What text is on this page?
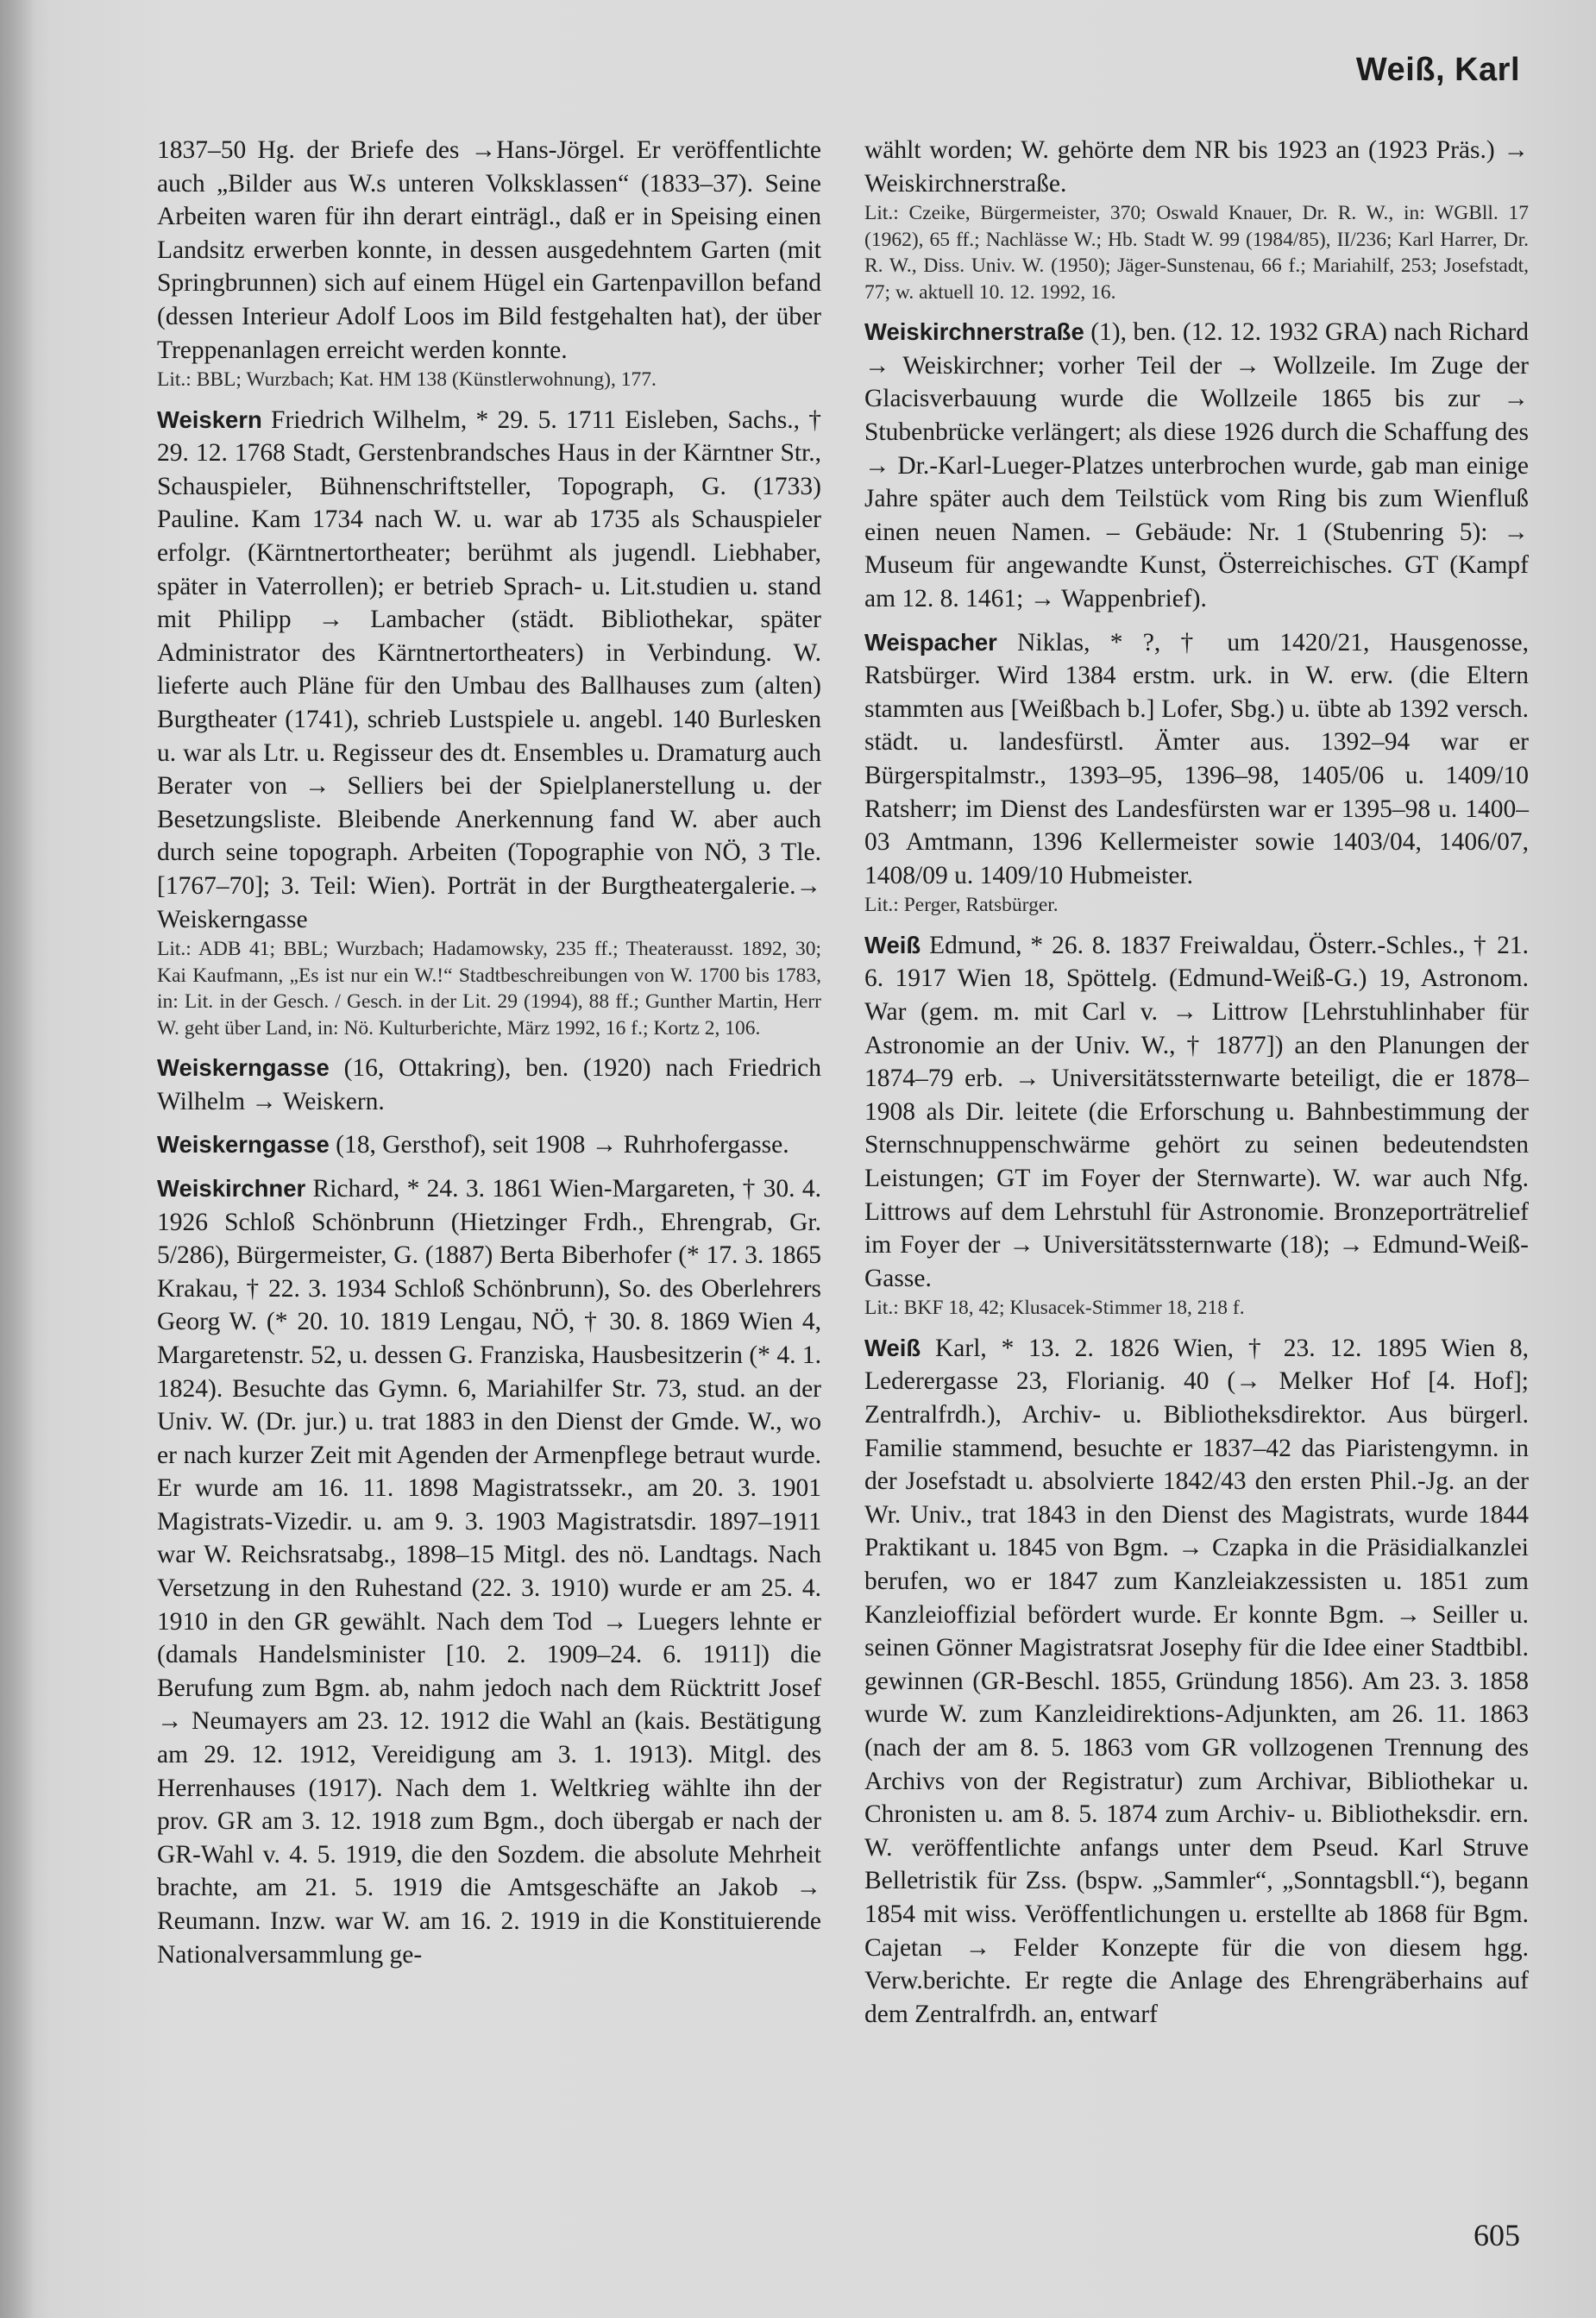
Weiß, Karl

1837–50 Hg. der Briefe des →Hans-Jörgel. Er veröffentlichte auch „Bilder aus W.s unteren Volksklassen“ (1833–37). Seine Arbeiten waren für ihn derart einträgl., daß er in Speising einen Landsitz erwerben konnte, in dessen ausgedehntem Garten (mit Springbrunnen) sich auf einem Hügel ein Gartenpavillon befand (dessen Interieur Adolf Loos im Bild festgehalten hat), der über Treppenanlagen erreicht werden konnte.

Lit.: BBL; Wurzbach; Kat. HM 138 (Künstlerwohnung), 177.

Weiskern Friedrich Wilhelm, * 29. 5. 1711 Eisleben, Sachs., † 29. 12. 1768 Stadt, Gerstenbrandsches Haus in der Kärntner Str., Schauspieler, Bühnenschriftsteller, Topograph, G. (1733) Pauline. Kam 1734 nach W. u. war ab 1735 als Schauspieler erfolgr. (Kärntnertortheater; berühmt als jugendl. Liebhaber, später in Vaterrollen); er betrieb Sprach- u. Lit.studien u. stand mit Philipp → Lambacher (städt. Bibliothekar, später Administrator des Kärntnertortheaters) in Verbindung. W. lieferte auch Pläne für den Umbau des Ballhauses zum (alten) Burgtheater (1741), schrieb Lustspiele u. angebl. 140 Burlesken u. war als Ltr. u. Regisseur des dt. Ensembles u. Dramaturg auch Berater von → Selliers bei der Spielplanerstellung u. der Besetzungsliste. Bleibende Anerkennung fand W. aber auch durch seine topograph. Arbeiten (Topographie von NÖ, 3 Tle. [1767–70]; 3. Teil: Wien). Porträt in der Burgtheatergalerie.→ Weiskerngasse

Lit.: ADB 41; BBL; Wurzbach; Hadamowsky, 235 ff.; Theaterausst. 1892, 30; Kai Kaufmann, „Es ist nur ein W.!“ Stadtbeschreibungen von W. 1700 bis 1783, in: Lit. in der Gesch. / Gesch. in der Lit. 29 (1994), 88 ff.; Gunther Martin, Herr W. geht über Land, in: Nö. Kulturberichte, März 1992, 16 f.; Kortz 2, 106.

Weiskerngasse (16, Ottakring), ben. (1920) nach Friedrich Wilhelm → Weiskern.

Weiskerngasse (18, Gersthof), seit 1908 → Ruhrhofergasse.

Weiskirchner Richard, * 24. 3. 1861 Wien-Margareten, † 30. 4. 1926 Schloß Schönbrunn (Hietzinger Frdh., Ehrengrab, Gr. 5/286), Bürgermeister, G. (1887) Berta Biberhofer (* 17. 3. 1865 Krakau, † 22. 3. 1934 Schloß Schönbrunn), So. des Oberlehrers Georg W. (* 20. 10. 1819 Lengau, NÖ, † 30. 8. 1869 Wien 4, Margaretenstr. 52, u. dessen G. Franziska, Hausbesitzerin (* 4. 1. 1824). Besuchte das Gymn. 6, Mariahilfer Str. 73, stud. an der Univ. W. (Dr. jur.) u. trat 1883 in den Dienst der Gmde. W., wo er nach kurzer Zeit mit Agenden der Armenpflege betraut wurde. Er wurde am 16. 11. 1898 Magistratssekr., am 20. 3. 1901 Magistrats-Vizedir. u. am 9. 3. 1903 Magistratsdir. 1897–1911 war W. Reichsratsabg., 1898–15 Mitgl. des nö. Landtags. Nach Versetzung in den Ruhestand (22. 3. 1910) wurde er am 25. 4. 1910 in den GR gewählt. Nach dem Tod → Luegers lehnte er (damals Handelsminister [10. 2. 1909–24. 6. 1911]) die Berufung zum Bgm. ab, nahm jedoch nach dem Rücktritt Josef → Neumayers am 23. 12. 1912 die Wahl an (kais. Bestätigung am 29. 12. 1912, Vereidigung am 3. 1. 1913). Mitgl. des Herrenhauses (1917). Nach dem 1. Weltkrieg wählte ihn der prov. GR am 3. 12. 1918 zum Bgm., doch übergab er nach der GR-Wahl v. 4. 5. 1919, die den Sozdem. die absolute Mehrheit brachte, am 21. 5. 1919 die Amtsgeschäfte an Jakob → Reumann. Inzw. war W. am 16. 2. 1919 in die Konstituierende Nationalversammlung ge-

wählt worden; W. gehörte dem NR bis 1923 an (1923 Präs.) → Weiskirchnerstraße.

Lit.: Czeike, Bürgermeister, 370; Oswald Knauer, Dr. R. W., in: WGBll. 17 (1962), 65 ff.; Nachlässe W.; Hb. Stadt W. 99 (1984/85), II/236; Karl Harrer, Dr. R. W., Diss. Univ. W. (1950); Jäger-Sunstenau, 66 f.; Mariahilf, 253; Josefstadt, 77; w. aktuell 10. 12. 1992, 16.

Weiskirchnerstraße (1), ben. (12. 12. 1932 GRA) nach Richard → Weiskirchner; vorher Teil der → Wollzeile. Im Zuge der Glacisverbauung wurde die Wollzeile 1865 bis zur → Stubenbrücke verlängert; als diese 1926 durch die Schaffung des → Dr.-Karl-Lueger-Platzes unterbrochen wurde, gab man einige Jahre später auch dem Teilstück vom Ring bis zum Wienfluß einen neuen Namen. – Gebäude: Nr. 1 (Stubenring 5): → Museum für angewandte Kunst, Österreichisches. GT (Kampf am 12. 8. 1461; → Wappenbrief).

Weispacher Niklas, * ?, † um 1420/21, Hausgenosse, Ratsbürger. Wird 1384 erstm. urk. in W. erw. (die Eltern stammten aus [Weißbach b.] Lofer, Sbg.) u. übte ab 1392 versch. städt. u. landesfürstl. Ämter aus. 1392–94 war er Bürgerspitalmstr., 1393–95, 1396–98, 1405/06 u. 1409/10 Ratsherr; im Dienst des Landesfürsten war er 1395–98 u. 1400–03 Amtmann, 1396 Kellermeister sowie 1403/04, 1406/07, 1408/09 u. 1409/10 Hubmeister.

Lit.: Perger, Ratsbürger.

Weiß Edmund, * 26. 8. 1837 Freiwaldau, Österr.-Schles., † 21. 6. 1917 Wien 18, Spöttelg. (Edmund-Weiß-G.) 19, Astronom. War (gem. m. mit Carl v. → Littrow [Lehrstuhlinhaber für Astronomie an der Univ. W., † 1877]) an den Planungen der 1874–79 erb. → Universitätssternwarte beteiligt, die er 1878–1908 als Dir. leitete (die Erforschung u. Bahnbestimmung der Sternschnuppenschwärme gehört zu seinen bedeutendsten Leistungen; GT im Foyer der Sternwarte). W. war auch Nfg. Littrows auf dem Lehrstuhl für Astronomie. Bronzeporträtrelief im Foyer der → Universitätssternwarte (18); → Edmund-Weiß-Gasse.

Lit.: BKF 18, 42; Klusacek-Stimmer 18, 218 f.

Weiß Karl, * 13. 2. 1826 Wien, † 23. 12. 1895 Wien 8, Lederergasse 23, Florianig. 40 (→ Melker Hof [4. Hof]; Zentralfrdh.), Archiv- u. Bibliotheksdirektor. Aus bürgerl. Familie stammend, besuchte er 1837–42 das Piaristengymn. in der Josefstadt u. absolvierte 1842/43 den ersten Phil.-Jg. an der Wr. Univ., trat 1843 in den Dienst des Magistrats, wurde 1844 Praktikant u. 1845 von Bgm. → Czapka in die Präsidialkanzlei berufen, wo er 1847 zum Kanzleiakzessisten u. 1851 zum Kanzleioffizial befördert wurde. Er konnte Bgm. → Seiller u. seinen Gönner Magistratsrat Josephy für die Idee einer Stadtbibl. gewinnen (GR-Beschl. 1855, Gründung 1856). Am 23. 3. 1858 wurde W. zum Kanzleidirektions-Adjunkten, am 26. 11. 1863 (nach der am 8. 5. 1863 vom GR vollzogenen Trennung des Archivs von der Registratur) zum Archivar, Bibliothekar u. Chronisten u. am 8. 5. 1874 zum Archiv- u. Bibliotheksdir. ern. W. veröffentlichte anfangs unter dem Pseud. Karl Struve Belletristik für Zss. (bspw. „Sammler“, „Sonntagsbll.“), begann 1854 mit wiss. Veröffentlichungen u. erstellte ab 1868 für Bgm. Cajetan → Felder Konzepte für die von diesem hgg. Verw.berichte. Er regte die Anlage des Ehrengräberhains auf dem Zentralfrdh. an, entwarf

605
